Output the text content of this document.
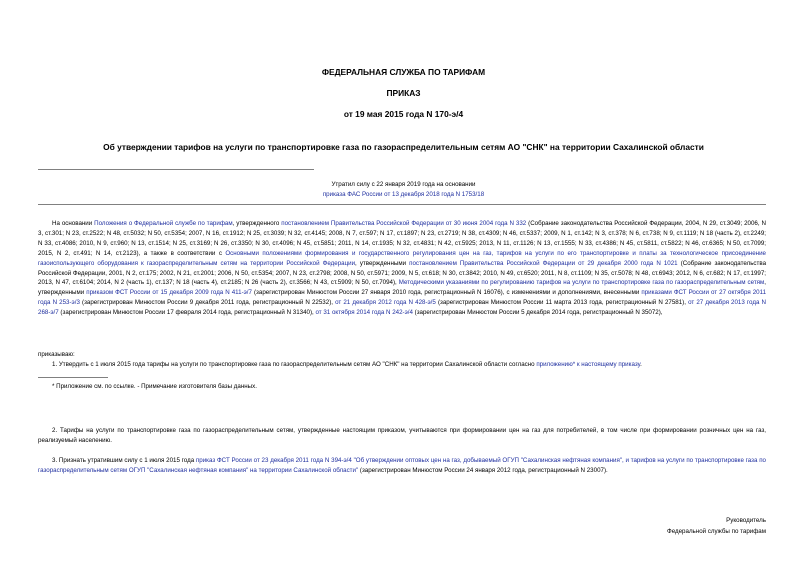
ФЕДЕРАЛЬНАЯ СЛУЖБА ПО ТАРИФАМ
ПРИКАЗ
от 19 мая 2015 года N 170-э/4
Об утверждении тарифов на услуги по транспортировке газа по газораспределительным сетям АО "СНК" на территории Сахалинской области
Утратил силу с 22 января 2019 года на основании
приказа ФАС России от 13 декабря 2018 года N 1753/18
На основании Положения о Федеральной службе по тарифам, утвержденного постановлением Правительства Российской Федерации от 30 июня 2004 года N 332 (Собрание законодательства Российской Федерации, 2004, N 29, ст.3049; 2006, N 3, ст.301; N 23, ст.2522; N 48, ст.5032; N 50, ст.5354; 2007, N 16, ст.1912; N 25, ст.3039; N 32, ст.4145; 2008, N 7, ст.597; N 17, ст.1897; N 23, ст.2719; N 38, ст.4309; N 46, ст.5337; 2009, N 1, ст.142; N 3, ст.378; N 6, ст.738; N 9, ст.1119; N 18 (часть 2), ст.2249; N 33, ст.4086; 2010, N 9, ст.960; N 13, ст.1514; N 25, ст.3169; N 26, ст.3350; N 30, ст.4096; N 45, ст.5851; 2011, N 14, ст.1935; N 32, ст.4831; N 42, ст.5925; 2013, N 11, ст.1126; N 13, ст.1555; N 33, ст.4386; N 45, ст.5811, ст.5822; N 46, ст.6365; N 50, ст.7099; 2015, N 2, ст.491; N 14, ст.2123), а также в соответствии с Основными положениями формирования и государственного регулирования цен на газ, тарифов на услуги по его транспортировке и платы за технологическое присоединение газоиспользующего оборудования к газораспределительным сетям на территории Российской Федерации, утвержденными постановлением Правительства Российской Федерации от 29 декабря 2000 года N 1021 (Собрание законодательства Российской Федерации, 2001, N 2, ст.175; 2002, N 21, ст.2001; 2006, N 50, ст.5354; 2007, N 23, ст.2798; 2008, N 50, ст.5971; 2009, N 5, ст.618; N 30, ст.3842; 2010, N 49, ст.6520; 2011, N 8, ст.1109; N 35, ст.5078; N 48, ст.6943; 2012, N 6, ст.682; N 17, ст.1997; 2013, N 47, ст.6104; 2014, N 2 (часть 1), ст.137; N 18 (часть 4), ст.2185; N 26 (часть 2), ст.3566; N 43, ст.5909; N 50, ст.7094), Методическими указаниями по регулированию тарифов на услуги по транспортировке газа по газораспределительным сетям, утвержденными приказом ФСТ России от 15 декабря 2009 года N 411-э/7 (зарегистрирован Минюстом России 27 января 2010 года, регистрационный N 16076), с изменениями и дополнениями, внесенными приказами ФСТ России от 27 октября 2011 года N 253-э/3 (зарегистрирован Минюстом России 9 декабря 2011 года, регистрационный N 22532), от 21 декабря 2012 года N 428-э/5 (зарегистрирован Минюстом России 11 марта 2013 года, регистрационный N 27581), от 27 декабря 2013 года N 268-э/7 (зарегистрирован Минюстом России 17 февраля 2014 года, регистрационный N 31340), от 31 октября 2014 года N 242-э/4 (зарегистрирован Минюстом России 5 декабря 2014 года, регистрационный N 35072),
приказываю:
1. Утвердить с 1 июля 2015 года тарифы на услуги по транспортировке газа по газораспределительным сетям АО "СНК" на территории Сахалинской области согласно приложению* к настоящему приказу.
* Приложение см. по ссылке. - Примечание изготовителя базы данных.
2. Тарифы на услуги по транспортировке газа по газораспределительным сетям, утвержденные настоящим приказом, учитываются при формировании цен на газ для потребителей, в том числе при формировании розничных цен на газ, реализуемый населению.
3. Признать утратившим силу с 1 июля 2015 года приказ ФСТ России от 23 декабря 2011 года N 394-э/4 "Об утверждении оптовых цен на газ, добываемый ОГУП "Сахалинская нефтяная компания", и тарифов на услуги по транспортировке газа по газораспределительным сетям ОГУП "Сахалинская нефтяная компания" на территории Сахалинской области" (зарегистрирован Минюстом России 24 января 2012 года, регистрационный N 23007).
Руководитель
Федеральной службы по тарифам
